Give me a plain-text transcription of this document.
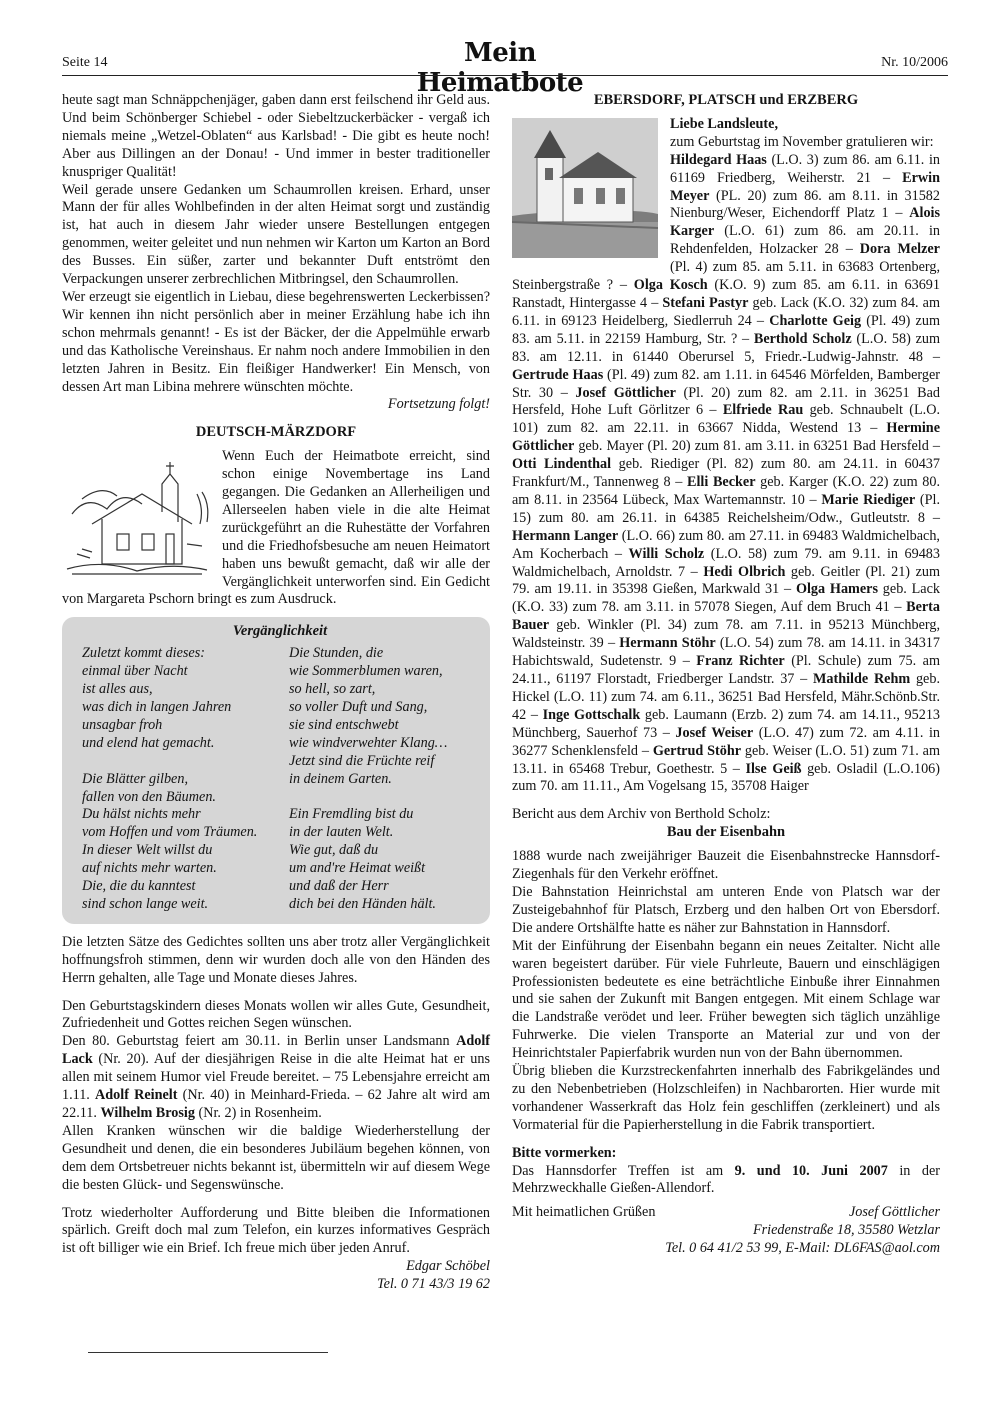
Seite 14	Mein Heimatbote
Nr. 10/2006

heute sagt man Schnäppchenjäger, gaben dann erst feilschend ihr Geld aus. Und beim Schönberger Schiebel - oder Siebeltzuckerbäcker - vergaß ich niemals meine „Wetzel-Oblaten“ aus Karlsbad! - Die gibt es heute noch! Aber aus Dillingen an der Donau! - Und immer in bester traditioneller knuspriger Qualität!

Weil gerade unsere Gedanken um Schaumrollen kreisen. Erhard, unser Mann der für alles Wohlbefinden in der alten Heimat sorgt und zuständig ist, hat auch in diesem Jahr wieder unsere Bestellungen entgegen genommen, weiter geleitet und nun nehmen wir Karton um Karton an Bord des Busses. Ein süßer, zarter und bekannter Duft entströmt den Verpackungen unserer zerbrechlichen Mitbringsel, den Schaumrollen.

Wer erzeugt sie eigentlich in Liebau, diese begehrenswerten Leckerbissen? Wir kennen ihn nicht persönlich aber in meiner Erzählung habe ich ihn schon mehrmals genannt! - Es ist der Bäcker, der die Appelmühle erwarb und das Katholische Vereinshaus. Er nahm noch andere Immobilien in den letzten Jahren in Besitz. Ein fleißiger Handwerker! Ein Mensch, von dessen Art man Libina mehrere wünschten möchte.

Fortsetzung folgt!

DEUTSCH-MÄRZDORF

Wenn Euch der Heimatbote erreicht, sind schon einige Novembertage ins Land gegangen. Die Gedanken an Allerheiligen und Allerseelen haben viele in die alte Heimat zurückgeführt an die Ruhestätte der Vorfahren und die Friedhofsbesuche am neuen Heimatort haben uns bewußt gemacht, daß wir alle der Vergänglichkeit unterworfen sind. Ein Gedicht von Margareta Pschorn bringt es zum Ausdruck.

Vergänglichkeit
Zuletzt kommt dieses:
einmal über Nacht
ist alles aus,
was dich in langen Jahren
unsagbar froh
und elend hat gemacht.
Die Blätter gilben,
fallen von den Bäumen.
Du hälst nichts mehr
vom Hoffen und vom Träumen.
In dieser Welt willst du
auf nichts mehr warten.
Die, die du kanntest
sind schon lange weit.
Die Stunden, die
wie Sommerblumen waren,
so hell, so zart,
so voller Duft und Sang,
sie sind entschwebt
wie windverwehter Klang…
Jetzt sind die Früchte reif
in deinem Garten.
Ein Fremdling bist du
in der lauten Welt.
Wie gut, daß du
um and're Heimat weißt
und daß der Herr
dich bei den Händen hält.

Die letzten Sätze des Gedichtes sollten uns aber trotz aller Vergänglichkeit hoffnungsfroh stimmen, denn wir wurden doch alle von den Händen des Herrn gehalten, alle Tage und Monate dieses Jahres.

Den Geburtstagskindern dieses Monats wollen wir alles Gute, Gesundheit, Zufriedenheit und Gottes reichen Segen wünschen.

Den 80. Geburtstag feiert am 30.11. in Berlin unser Landsmann Adolf Lack (Nr. 20). Auf der diesjährigen Reise in die alte Heimat hat er uns allen mit seinem Humor viel Freude bereitet. – 75 Lebensjahre erreicht am 1.11. Adolf Reinelt (Nr. 40) in Meinhard-Frieda. – 62 Jahre alt wird am 22.11. Wilhelm Brosig (Nr. 2) in Rosenheim.

Allen Kranken wünschen wir die baldige Wiederherstellung der Gesundheit und denen, die ein besonderes Jubiläum begehen können, von dem dem Ortsbetreuer nichts bekannt ist, übermitteln wir auf diesem Wege die besten Glück- und Segenswünsche.

Trotz wiederholter Aufforderung und Bitte bleiben die Informationen spärlich. Greift doch mal zum Telefon, ein kurzes informatives Gespräch ist oft billiger wie ein Brief. Ich freue mich über jeden Anruf.

Edgar Schöbel

Tel. 0 71 43/3 19 62

EBERSDORF, PLATSCH und ERZBERG

Liebe Landsleute,

zum Geburtstag im November gratulieren wir:

Hildegard Haas (L.O. 3) zum 86. am 6.11. in 61169 Friedberg, Weiherstr. 21 – Erwin Meyer (PL. 20) zum 86. am 8.11. in 31582 Nienburg/Weser, Eichendorff Platz 1 – Alois Karger (L.O. 61) zum 86. am 20.11. in Rehdenfelden, Holzacker 28 – Dora Melzer (Pl. 4) zum 85. am 5.11. in 63683 Ortenberg, Steinbergstraße ? – Olga Kosch (K.O. 9) zum 85. am 6.11. in 63691 Ranstadt, Hintergasse 4 – Stefani Pastyr geb. Lack (K.O. 32) zum 84. am 6.11. in 69123 Heidelberg, Siedlerruh 24 – Charlotte Geig (Pl. 49) zum 83. am 5.11. in 22159 Hamburg, Str. ? – Berthold Scholz (L.O. 58) zum 83. am 12.11. in 61440 Oberursel 5, Friedr.-Ludwig-Jahnstr. 48 – Gertrude Haas (Pl. 49) zum 82. am 1.11. in 64546 Mörfelden, Bamberger Str. 30 – Josef Göttlicher (Pl. 20) zum 82. am 2.11. in 36251 Bad Hersfeld, Hohe Luft Görlitzer 6 – Elfriede Rau geb. Schnaubelt (L.O. 101) zum 82. am 22.11. in 63667 Nidda, Westend 13 – Hermine Göttlicher geb. Mayer (Pl. 20) zum 81. am 3.11. in 63251 Bad Hersfeld – Otti Lindenthal geb. Riediger (Pl. 82) zum 80. am 24.11. in 60437 Frankfurt/M., Tannenweg 8 – Elli Becker geb. Karger (K.O. 22) zum 80. am 8.11. in 23564 Lübeck, Max Wartemannstr. 10 – Marie Riediger (Pl. 15) zum 80. am 26.11. in 64385 Reichelsheim/Odw., Gutleutstr. 8 – Hermann Langer (L.O. 66) zum 80. am 27.11. in 69483 Waldmichelbach, Am Kocherbach – Willi Scholz (L.O. 58) zum 79. am 9.11. in 69483 Waldmichelbach, Arnoldstr. 7 – Hedi Olbrich geb. Geitler (Pl. 21) zum 79. am 19.11. in 35398 Gießen, Markwald 31 – Olga Hamers geb. Lack (K.O. 33) zum 78. am 3.11. in 57078 Siegen, Auf dem Bruch 41 – Berta Bauer geb. Winkler (Pl. 34) zum 78. am 7.11. in 95213 Münchberg, Waldsteinstr. 39 – Hermann Stöhr (L.O. 54) zum 78. am 14.11. in 34317 Habichtswald, Sudetenstr. 9 – Franz Richter (Pl. Schule) zum 75. am 24.11., 61197 Florstadt, Friedberger Landstr. 37 – Mathilde Rehm geb. Hickel (L.O. 11) zum 74. am 6.11., 36251 Bad Hersfeld, Mähr.Schönb.Str. 42 – Inge Gottschalk geb. Laumann (Erzb. 2) zum 74. am 14.11., 95213 Münchberg, Sauerhof 73 – Josef Weiser (L.O. 47) zum 72. am 4.11. in 36277 Schenklensfeld – Gertrud Stöhr geb. Weiser (L.O. 51) zum 71. am 13.11. in 65468 Trebur, Goethestr. 5 – Ilse Geiß geb. Osladil (L.O.106) zum 70. am 11.11., Am Vogelsang 15, 35708 Haiger

Bericht aus dem Archiv von Berthold Scholz:

Bau der Eisenbahn

1888 wurde nach zweijähriger Bauzeit die Eisenbahnstrecke Hannsdorf-Ziegenhals für den Verkehr eröffnet.

Die Bahnstation Heinrichstal am unteren Ende von Platsch war der Zusteigebahnhof für Platsch, Erzberg und den halben Ort von Ebersdorf. Die andere Ortshälfte hatte es näher zur Bahnstation in Hannsdorf.

Mit der Einführung der Eisenbahn begann ein neues Zeitalter. Nicht alle waren begeistert darüber. Für viele Fuhrleute, Bauern und einschlägigen Professionisten bedeutete es eine beträchtliche Einbuße ihrer Einnahmen und sie sahen der Zukunft mit Bangen entgegen. Mit einem Schlage war die Landstraße verödet und leer. Früher bewegten sich täglich unzählige Fuhrwerke. Die vielen Transporte an Material zur und von der Heinrichtstaler Papierfabrik wurden nun von der Bahn übernommen.

Übrig blieben die Kurzstreckenfahrten innerhalb des Fabrikgeländes und zu den Nebenbetrieben (Holzschleifen) in Nachbarorten. Hier wurde mit vorhandener Wasserkraft das Holz fein geschliffen (zerkleinert) und als Vormaterial für die Papierherstellung in die Fabrik transportiert.

Bitte vormerken:

Das Hannsdorfer Treffen ist am 9. und 10. Juni 2007 in der Mehrzweckhalle Gießen-Allendorf.

Mit heimatlichen Grüßen	Josef Göttlicher

Friedenstraße 18, 35580 Wetzlar

Tel. 0 64 41/2 53 99, E-Mail: DL6FAS@aol.com
